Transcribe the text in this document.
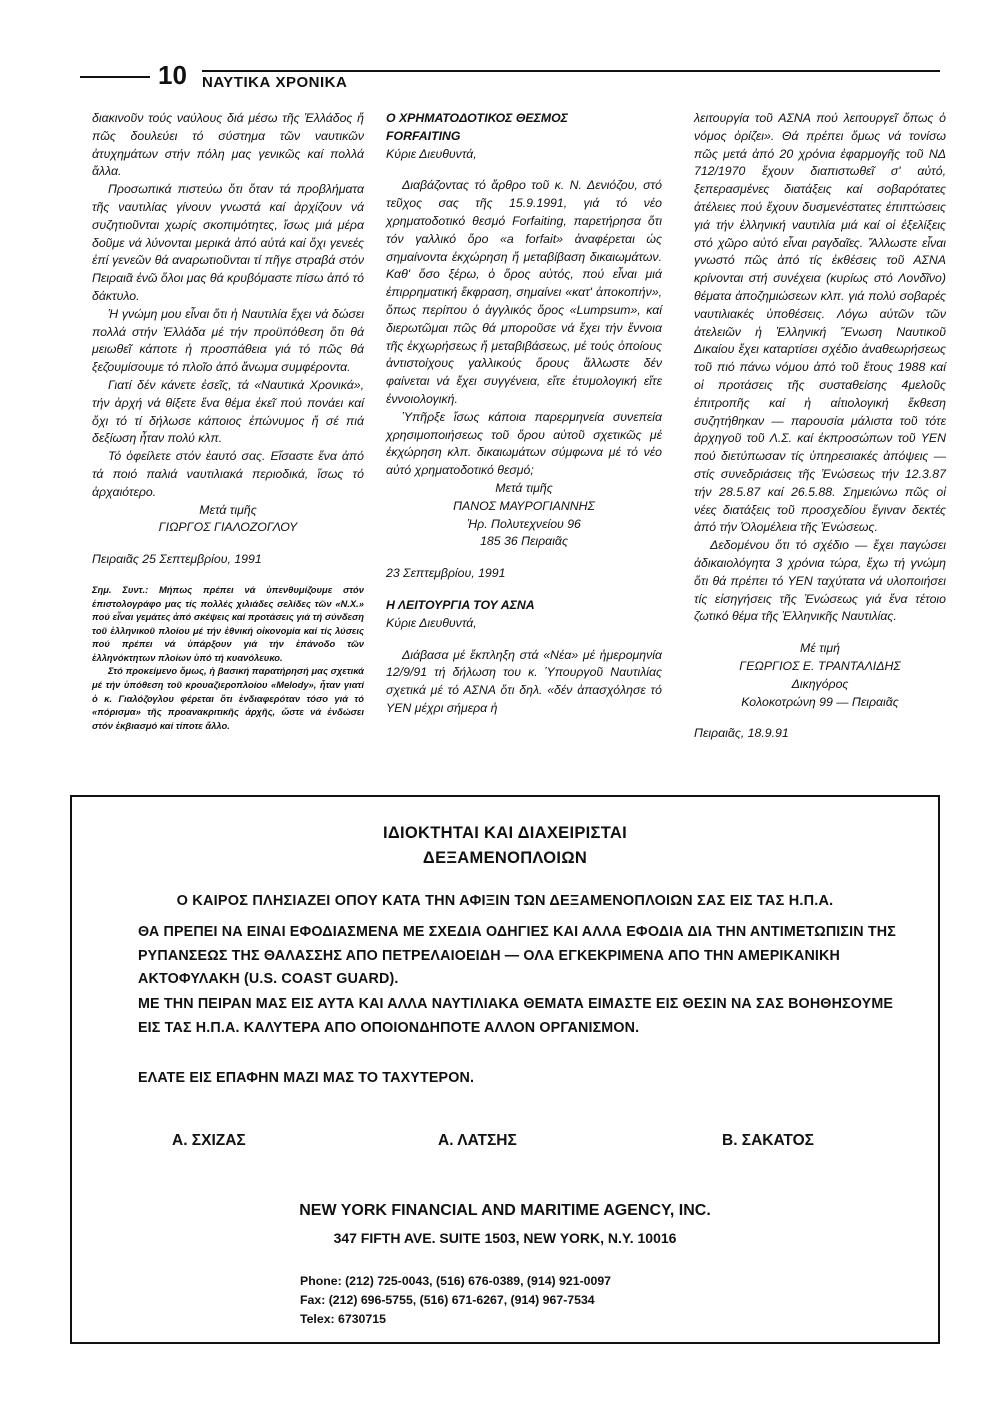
10 ΝΑΥΤΙΚΑ ΧΡΟΝΙΚΑ

διακινοῦν τούς ναύλους διά μέσω τῆς Ἑλλάδος ἤ πῶς δουλεύει τό σύστημα τῶν ναυτικῶν ἀτυχημάτων στήν πόλη μας γενικῶς καί πολλά ἄλλα.

Προσωπικά πιστεύω ὅτι ὅταν τά προβλήματα τῆς ναυτιλίας γίνουν γνωστά καί ἀρχίζουν νά συζητιοῦνται χωρίς σκοπιμότητες, ἴσως μιά μέρα δοῦμε νά λύνονται μερικά ἀπό αὐτά καί ὄχι γενεές ἐπί γενεῶν θά αναρωτιοῦνται τί πῆγε στραβά στόν Πειραιᾶ ἐνῶ ὅλοι μας θά κρυβόμαστε πίσω ἀπό τό δάκτυλο.

Ἡ γνώμη μου εἶναι ὅτι ἡ Ναυτιλία ἔχει νά δώσει πολλά στήν Ἑλλάδα μέ τήν προϋπόθεση ὅτι θά μειωθεῖ κάποτε ἡ προσπάθεια γιά τό πῶς θά ξεζουμίσουμε τό πλοῖο ἀπό ἄνωμα συμφέροντα.

Γιατί δέν κάνετε ἐσεῖς, τά «Ναυτικά Χρονικά», τήν ἀρχή νά θίξετε ἕνα θέμα ἐκεῖ πού πονάει καί ὄχι τό τί δήλωσε κάποιος ἐπώνυμος ἤ σέ πιά δεξίωση ἦταν πολύ κλπ.

Τό ὀφείλετε στόν ἑαυτό σας. Εἴσαστε ἕνα ἀπό τά ποιό παλιά ναυτιλιακά περιοδικά, ἴσως τό ἀρχαιότερο.

Μετά τιμῆς

ΓΙΩΡΓΟΣ ΓΙΑΛΟΖΟΓΛΟΥ

Πειραιᾶς 25 Σεπτεμβρίου, 1991

Σημ. Συντ.: Μήπως πρέπει νά ὑπενθυμίζουμε στόν ἐπιστολογράφο μας τίς πολλές χιλιάδες σελίδες τῶν «Ν.Χ.» πού εἶναι γεμάτες ἀπό σκέψεις καί προτάσεις γιά τή σύνδεση τοῦ ἑλληνικοῦ πλοίου μέ τήν ἐθνική οἰκονομία καί τίς λύσεις πού πρέπει νά ὑπάρξουν γιά τήν ἐπάνοδο τῶν ἑλληνόκτητων πλοίων ὑπό τή κυανόλευκο.

Στό προκείμενο ὅμως, ἡ βασική παρατήρησή μας σχετικά μέ τήν ὑπόθεση τοῦ κρουαζιεροπλοίου «Melody», ἦταν γιατί ὁ κ. Γιαλόζογλου φέρεται ὅτι ἐνδιαφερόταν τόσο γιά τό «πόρισμα» τῆς προανακριτικῆς ἀρχῆς, ὥστε νά ἐνδώσει στόν ἐκβιασμό καί τίποτε ἄλλο.

Ο ΧΡΗΜΑΤΟΔΟΤΙΚΟΣ ΘΕΣΜΟΣ

FORFAITING

Κύριε Διευθυντά,

Διαβάζοντας τό ἄρθρο τοῦ κ. Ν. Δενιόζου, στό τεῦχος σας τῆς 15.9.1991, γιά τό νέο χρηματοδοτικό θεσμό Forfaiting, παρετήρησα ὅτι τόν γαλλικό ὅρο «a forfait» ἀναφέρεται ὡς σημαίνοντα ἐκχώρηση ἤ μεταβίβαση δικαιωμάτων. Καθ' ὅσο ξέρω, ὁ ὅρος αὐτός, πού εἶναι μιά ἐπιρρηματική ἔκφραση, σημαίνει «κατ' ἀποκοπήν», ὅπως περίπου ὁ ἀγγλικός ὅρος «Lumpsum», καί διερωτῶμαι πῶς θά μποροῦσε νά ἔχει τήν ἔννοια τῆς ἐκχωρήσεως ἤ μεταβιβάσεως, μέ τούς ὁποίους ἀντιστοίχους γαλλικούς ὅρους ἄλλωστε δέν φαίνεται νά ἔχει συγγένεια, εἴτε ἐτυμολογική εἴτε ἐννοιολογική.

Ὑπῆρξε ἴσως κάποια παρερμηνεία συνεπεία χρησιμοποιήσεως τοῦ ὅρου αὐτοῦ σχετικῶς μέ ἐκχώρηση κλπ. δικαιωμάτων σύμφωνα μέ τό νέο αὐτό χρηματοδοτικό θεσμό;

Μετά τιμῆς

ΠΑΝΟΣ ΜΑΥΡΟΓΙΑΝΝΗΣ

Ἡρ. Πολυτεχνείου 96

185 36 Πειραιᾶς

23 Σεπτεμβρίου, 1991

Η ΛΕΙΤΟΥΡΓΙΑ ΤΟΥ ΑΣΝΑ

Κύριε Διευθυντά,

Διάβασα μέ ἔκπληξη στά «Νέα» μέ ἡμερομηνία 12/9/91 τή δήλωση του κ. Ὑπουργοῦ Ναυτιλίας σχετικά μέ τό ΑΣΝΑ ὅτι δηλ. «δέν ἀπασχόλησε τό ΥΕΝ μέχρι σήμερα ἡ

λειτουργία τοῦ ΑΣΝΑ πού λειτουργεῖ ὅπως ὁ νόμος ὁρίζει». Θά πρέπει ὅμως νά τονίσω πῶς μετά ἀπό 20 χρόνια ἐφαρμογῆς τοῦ ΝΔ 712/1970 ἔχουν διαπιστωθεῖ σ' αὐτό, ξεπερασμένες διατάξεις καί σοβαρότατες ἀτέλειες πού ἔχουν δυσμενέστατες ἐπιπτώσεις γιά τήν ἑλληνική ναυτιλία μιά καί οἱ ἐξελίξεις στό χῶρο αὐτό εἶναι ραγδαῖες. Ἄλλωστε εἶναι γνωστό πῶς ἀπό τίς ἐκθέσεις τοῦ ΑΣΝΑ κρίνονται στή συνέχεια (κυρίως στό Λονδῖνο) θέματα ἀποζημιώσεων κλπ. γιά πολύ σοβαρές ναυτιλιακές ὑποθέσεις. Λόγω αὐτῶν τῶν ἀτελειῶν ἡ Ἑλληνική Ἕνωση Ναυτικοῦ Δικαίου ἔχει καταρτίσει σχέδιο ἀναθεωρήσεως τοῦ πιό πάνω νόμου ἀπό τοῦ ἔτους 1988 καί οἱ προτάσεις τῆς συσταθείσης 4μελοῦς ἐπιτροπῆς καί ἡ αἰτιολογική ἔκθεση συζητήθηκαν — παρουσία μάλιστα τοῦ τότε ἀρχηγοῦ τοῦ Λ.Σ. καί ἐκπροσώπων τοῦ ΥΕΝ πού διετύπωσαν τίς ὑπηρεσιακές ἀπόψεις — στίς συνεδριάσεις τῆς Ἑνώσεως τήν 12.3.87 τήν 28.5.87 καί 26.5.88. Σημειώνω πῶς οἱ νέες διατάξεις τοῦ προσχεδίου ἔγιναν δεκτές ἀπό τήν Ὁλομέλεια τῆς Ἑνώσεως.

Δεδομένου ὅτι τό σχέδιο — ἔχει παγώσει ἀδικαιολόγητα 3 χρόνια τώρα, ἔχω τή γνώμη ὅτι θά πρέπει τό ΥΕΝ ταχύτατα νά υλοποιήσει τίς εἰσηγήσεις τῆς Ἑνώσεως γιά ἕνα τέτοιο ζωτικό θέμα τῆς Ἑλληνικῆς Ναυτιλίας.

Μέ τιμή

ΓΕΩΡΓΙΟΣ Ε. ΤΡΑΝΤΑΛΙΔΗΣ

Δικηγόρος

Κολοκοτρώνη 99 — Πειραιᾶς

Πειραιᾶς, 18.9.91

ΙΔΙΟΚΤΗΤΑΙ ΚΑΙ ΔΙΑΧΕΙΡΙΣΤΑΙ
ΔΕΞΑΜΕΝΟΠΛΟΙΩΝ
Ο ΚΑΙΡΟΣ ΠΛΗΣΙΑΖΕΙ ΟΠΟΥ ΚΑΤΑ ΤΗΝ ΑΦΙΞΙΝ ΤΩΝ ΔΕΞΑΜΕΝΟΠΛΟΙΩΝ ΣΑΣ ΕΙΣ ΤΑΣ Η.Π.Α.

ΘΑ ΠΡΕΠΕΙ ΝΑ ΕΙΝΑΙ ΕΦΟΔΙΑΣΜΕΝΑ ΜΕ ΣΧΕΔΙΑ ΟΔΗΓΙΕΣ ΚΑΙ ΑΛΛΑ ΕΦΟΔΙΑ ΔΙΑ ΤΗΝ ΑΝΤΙΜΕΤΩΠΙΣΙΝ ΤΗΣ ΡΥΠΑΝΣΕΩΣ ΤΗΣ ΘΑΛΑΣΣΗΣ ΑΠΟ ΠΕΤΡΕΛΑΙΟΕΙΔΗ — ΟΛΑ ΕΓΚΕΚΡΙΜΕΝΑ ΑΠΟ ΤΗΝ ΑΜΕΡΙΚΑΝΙΚΗ ΑΚΤΟΦΥΛΑΚΗ (U.S. COAST GUARD).

ΜΕ ΤΗΝ ΠΕΙΡΑΝ ΜΑΣ ΕΙΣ ΑΥΤΑ ΚΑΙ ΑΛΛΑ ΝΑΥΤΙΛΙΑΚΑ ΘΕΜΑΤΑ ΕΙΜΑΣΤΕ ΕΙΣ ΘΕΣΙΝ ΝΑ ΣΑΣ ΒΟΗΘΗΣΟΥΜΕ ΕΙΣ ΤΑΣ Η.Π.Α. ΚΑΛΥΤΕΡΑ ΑΠΟ ΟΠΟΙΟΝΔΗΠΟΤΕ ΑΛΛΟΝ ΟΡΓΑΝΙΣΜΟΝ.

ΕΛΑΤΕ ΕΙΣ ΕΠΑΦΗΝ ΜΑΖΙ ΜΑΣ ΤΟ ΤΑΧΥΤΕΡΟΝ.

Α. ΣΧΙΖΑΣ	Α. ΛΑΤΣΗΣ	Β. ΣΑΚΑΤΟΣ
NEW YORK FINANCIAL AND MARITIME AGENCY, INC.
347 FIFTH AVE. SUITE 1503, NEW YORK, N.Y. 10016

Phone: (212) 725-0043, (516) 676-0389, (914) 921-0097

Fax: (212) 696-5755, (516) 671-6267, (914) 967-7534

Telex: 6730715
